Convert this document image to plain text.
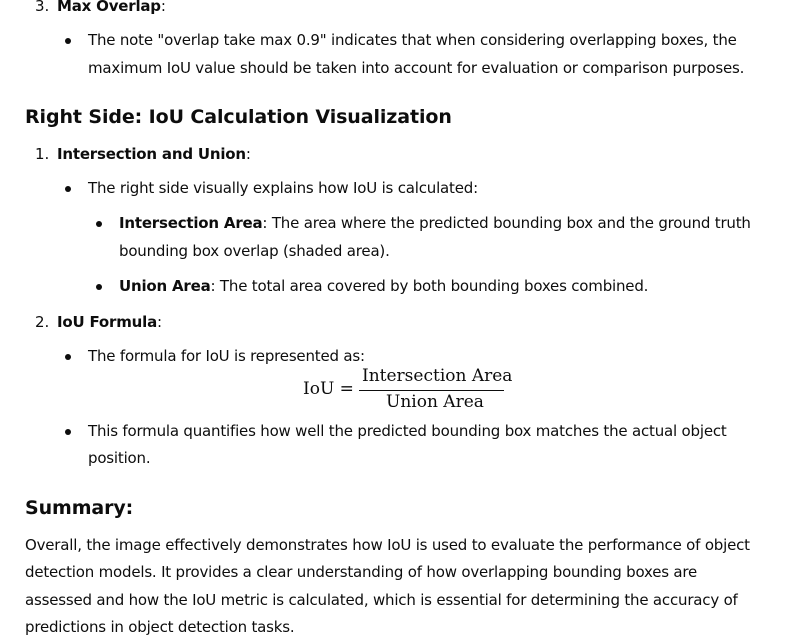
3. Max Overlap:
The note "overlap take max 0.9" indicates that when considering overlapping boxes, the
maximum IoU value should be taken into account for evaluation or comparison purposes.
Right Side: IoU Calculation Visualization
1. Intersection and Union:
The right side visually explains how IoU is calculated:
Intersection Area: The area where the predicted bounding box and the ground truth
bounding box overlap (shaded area).
Union Area: The total area covered by both bounding boxes combined.
2. IoU Formula:
The formula for IoU is represented as:
IoU =
Intersection Area
Union Area
This formula quantifies how well the predicted bounding box matches the actual object
position.
Summary:
Overall, the image effectively demonstrates how IoU is used to evaluate the performance of object
detection models. It provides a clear understanding of how overlapping bounding boxes are
assessed and how the IoU metric is calculated, which is essential for determining the accuracy of
predictions in object detection tasks.
